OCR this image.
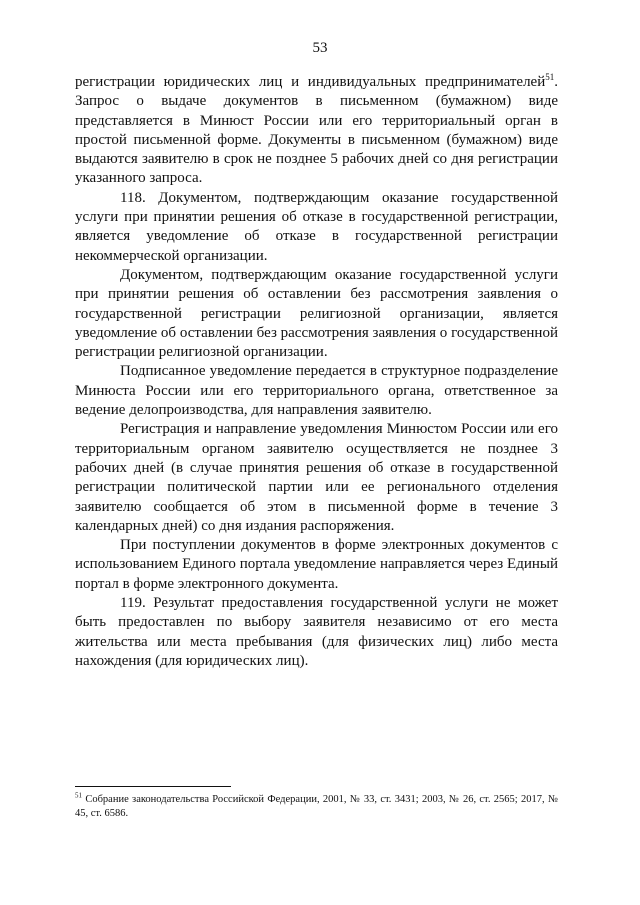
53

регистрации юридических лиц и индивидуальных предпринимателей$^{51}$. Запрос о выдаче документов в письменном (бумажном) виде представляется в Минюст России или его территориальный орган в простой письменной форме. Документы в письменном (бумажном) виде выдаются заявителю в срок не позднее 5 рабочих дней со дня регистрации указанного запроса.

118. Документом, подтверждающим оказание государственной услуги при принятии решения об отказе в государственной регистрации, является уведомление об отказе в государственной регистрации некоммерческой организации.

Документом, подтверждающим оказание государственной услуги при принятии решения об оставлении без рассмотрения заявления о государственной регистрации религиозной организации, является уведомление об оставлении без рассмотрения заявления о государственной регистрации религиозной организации.

Подписанное уведомление передается в структурное подразделение Минюста России или его территориального органа, ответственное за ведение делопроизводства, для направления заявителю.

Регистрация и направление уведомления Минюстом России или его территориальным органом заявителю осуществляется не позднее 3 рабочих дней (в случае принятия решения об отказе в государственной регистрации политической партии или ее регионального отделения заявителю сообщается об этом в письменной форме в течение 3 календарных дней) со дня издания распоряжения.

При поступлении документов в форме электронных документов с использованием Единого портала уведомление направляется через Единый портал в форме электронного документа.

119. Результат предоставления государственной услуги не может быть предоставлен по выбору заявителя независимо от его места жительства или места пребывания (для физических лиц) либо места нахождения (для юридических лиц).

$^{51}$ Собрание законодательства Российской Федерации, 2001, № 33, ст. 3431; 2003, № 26, ст. 2565; 2017, № 45, ст. 6586.
